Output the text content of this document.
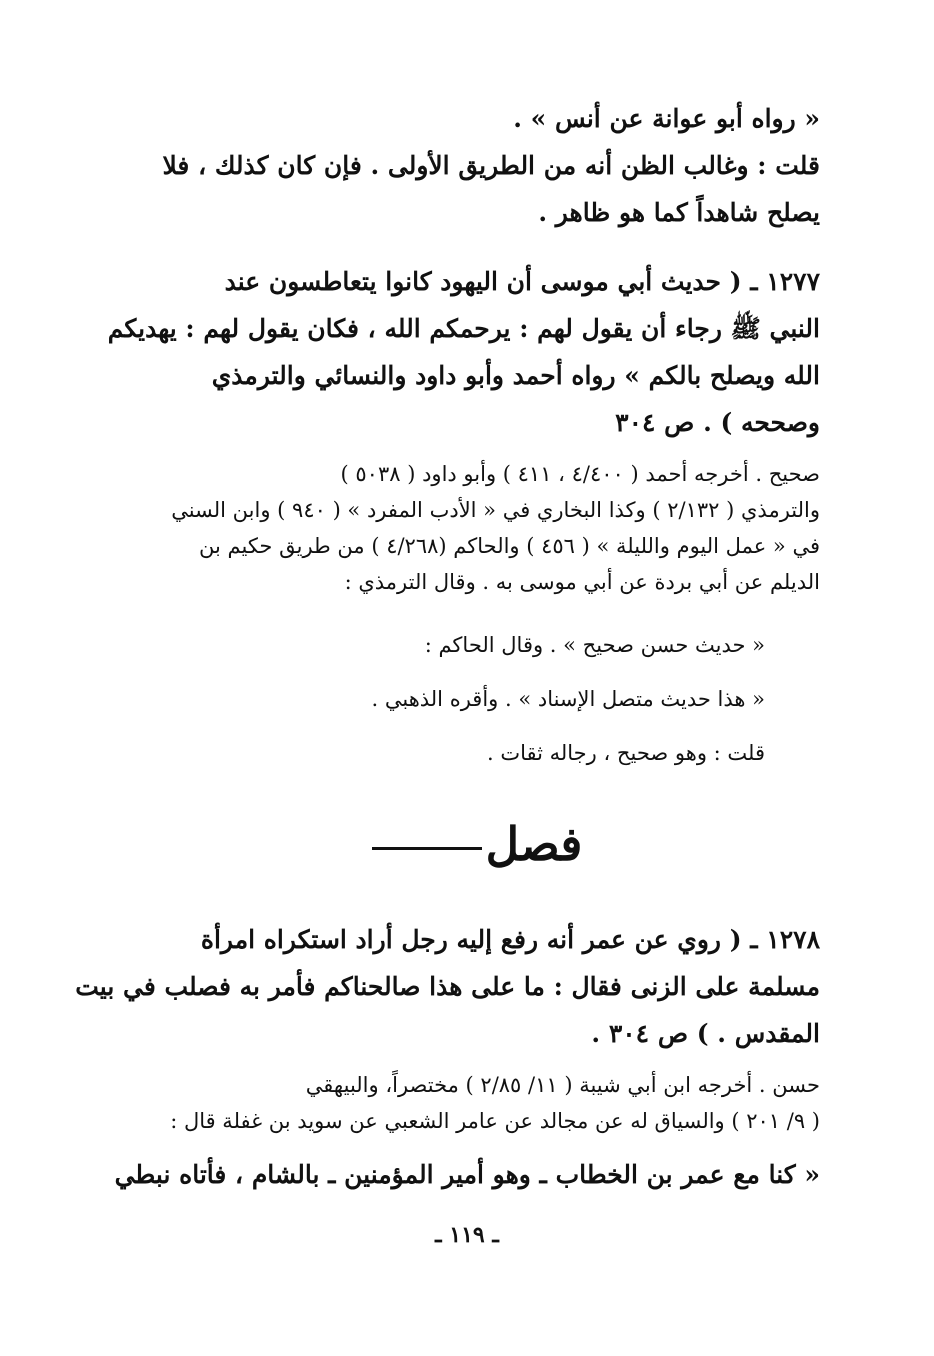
« رواه أبو عوانة عن أنس » .
قلت : وغالب الظن أنه من الطريق الأولى . فإن كان كذلك ، فلا
يصلح شاهداً كما هو ظاهر .
١٢٧٧ ـ ( حديث أبي موسى أن اليهود كانوا يتعاطسون عند
النبي ﷺ رجاء أن يقول لهم : يرحمكم الله ، فكان يقول لهم : يهديكم
الله ويصلح بالكم » رواه أحمد وأبو داود والنسائي والترمذي
وصححه ) . ص ٣٠٤
صحيح . أخرجه أحمد ( ٤/٤٠٠ ، ٤١١ ) وأبو داود ( ٥٠٣٨ )
والترمذي ( ٢/١٣٢ ) وكذا البخاري في « الأدب المفرد » ( ٩٤٠ ) وابن السني
في « عمل اليوم والليلة » ( ٤٥٦ ) والحاكم (٤/٢٦٨ ) من طريق حكيم بن
الديلم عن أبي بردة عن أبي موسى به . وقال الترمذي :
« حديث حسن صحيح » . وقال الحاكم :
« هذا حديث متصل الإسناد » . وأقره الذهبي .
قلت : وهو صحيح ، رجاله ثقات .
فصل
١٢٧٨ ـ ( روي عن عمر أنه رفع إليه رجل أراد استكراه امرأة
مسلمة على الزنى فقال : ما على هذا صالحناكم فأمر به فصلب في بيت
المقدس . ) ص ٣٠٤ .
حسن . أخرجه ابن أبي شيبة ( ١١/ ٢/٨٥ ) مختصراً، والبيهقي
( ٩/ ٢٠١ ) والسياق له عن مجالد عن عامر الشعبي عن سويد بن غفلة قال :
« كنا مع عمر بن الخطاب ـ وهو أمير المؤمنين ـ بالشام ، فأتاه نبطي
ـ ١١٩ ـ
